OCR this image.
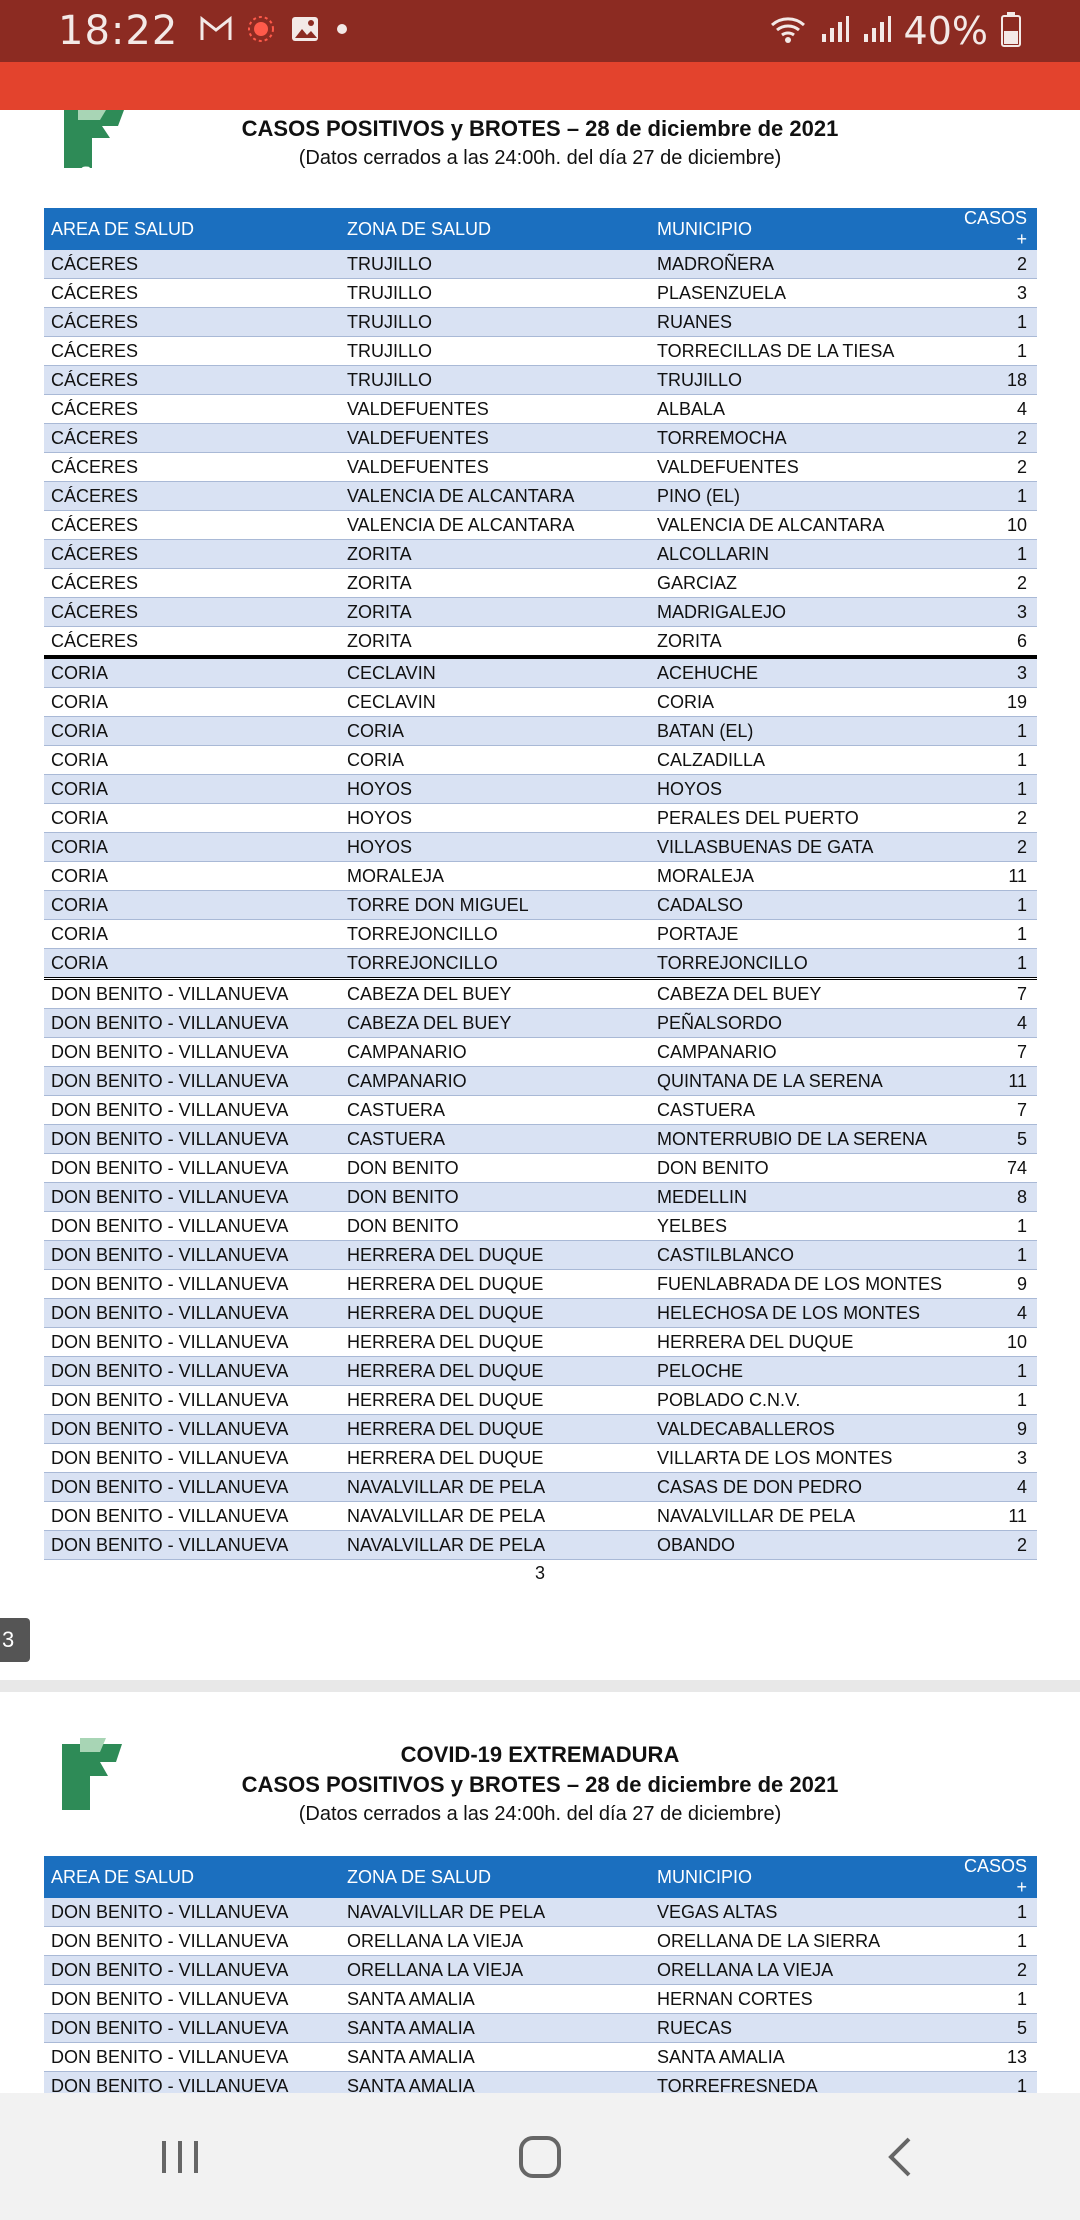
18:22	40%
SES
CASOS POSITIVOS y BROTES – 28 de diciembre de 2021
(Datos cerrados a las 24:00h. del día 27 de diciembre)
AREA DE SALUD	ZONA DE SALUD	MUNICIPIO	CASOS +
CÁCERES	TRUJILLO	MADROÑERA	2
CÁCERES	TRUJILLO	PLASENZUELA	3
CÁCERES	TRUJILLO	RUANES	1
CÁCERES	TRUJILLO	TORRECILLAS DE LA TIESA	1
CÁCERES	TRUJILLO	TRUJILLO	18
CÁCERES	VALDEFUENTES	ALBALA	4
CÁCERES	VALDEFUENTES	TORREMOCHA	2
CÁCERES	VALDEFUENTES	VALDEFUENTES	2
CÁCERES	VALENCIA DE ALCANTARA	PINO (EL)	1
CÁCERES	VALENCIA DE ALCANTARA	VALENCIA DE ALCANTARA	10
CÁCERES	ZORITA	ALCOLLARIN	1
CÁCERES	ZORITA	GARCIAZ	2
CÁCERES	ZORITA	MADRIGALEJO	3
CÁCERES	ZORITA	ZORITA	6
CORIA	CECLAVIN	ACEHUCHE	3
CORIA	CECLAVIN	CORIA	19
CORIA	CORIA	BATAN (EL)	1
CORIA	CORIA	CALZADILLA	1
CORIA	HOYOS	HOYOS	1
CORIA	HOYOS	PERALES DEL PUERTO	2
CORIA	HOYOS	VILLASBUENAS DE GATA	2
CORIA	MORALEJA	MORALEJA	11
CORIA	TORRE DON MIGUEL	CADALSO	1
CORIA	TORREJONCILLO	PORTAJE	1
CORIA	TORREJONCILLO	TORREJONCILLO	1
DON BENITO - VILLANUEVA	CABEZA DEL BUEY	CABEZA DEL BUEY	7
DON BENITO - VILLANUEVA	CABEZA DEL BUEY	PEÑALSORDO	4
DON BENITO - VILLANUEVA	CAMPANARIO	CAMPANARIO	7
DON BENITO - VILLANUEVA	CAMPANARIO	QUINTANA DE LA SERENA	11
DON BENITO - VILLANUEVA	CASTUERA	CASTUERA	7
DON BENITO - VILLANUEVA	CASTUERA	MONTERRUBIO DE LA SERENA	5
DON BENITO - VILLANUEVA	DON BENITO	DON BENITO	74
DON BENITO - VILLANUEVA	DON BENITO	MEDELLIN	8
DON BENITO - VILLANUEVA	DON BENITO	YELBES	1
DON BENITO - VILLANUEVA	HERRERA DEL DUQUE	CASTILBLANCO	1
DON BENITO - VILLANUEVA	HERRERA DEL DUQUE	FUENLABRADA DE LOS MONTES	9
DON BENITO - VILLANUEVA	HERRERA DEL DUQUE	HELECHOSA DE LOS MONTES	4
DON BENITO - VILLANUEVA	HERRERA DEL DUQUE	HERRERA DEL DUQUE	10
DON BENITO - VILLANUEVA	HERRERA DEL DUQUE	PELOCHE	1
DON BENITO - VILLANUEVA	HERRERA DEL DUQUE	POBLADO C.N.V.	1
DON BENITO - VILLANUEVA	HERRERA DEL DUQUE	VALDECABALLEROS	9
DON BENITO - VILLANUEVA	HERRERA DEL DUQUE	VILLARTA DE LOS MONTES	3
DON BENITO - VILLANUEVA	NAVALVILLAR DE PELA	CASAS DE DON PEDRO	4
DON BENITO - VILLANUEVA	NAVALVILLAR DE PELA	NAVALVILLAR DE PELA	11
DON BENITO - VILLANUEVA	NAVALVILLAR DE PELA	OBANDO	2
3
3
SES
COVID-19 EXTREMADURA
CASOS POSITIVOS y BROTES – 28 de diciembre de 2021
(Datos cerrados a las 24:00h. del día 27 de diciembre)
AREA DE SALUD	ZONA DE SALUD	MUNICIPIO	CASOS +
DON BENITO - VILLANUEVA	NAVALVILLAR DE PELA	VEGAS ALTAS	1
DON BENITO - VILLANUEVA	ORELLANA LA VIEJA	ORELLANA DE LA SIERRA	1
DON BENITO - VILLANUEVA	ORELLANA LA VIEJA	ORELLANA LA VIEJA	2
DON BENITO - VILLANUEVA	SANTA AMALIA	HERNAN CORTES	1
DON BENITO - VILLANUEVA	SANTA AMALIA	RUECAS	5
DON BENITO - VILLANUEVA	SANTA AMALIA	SANTA AMALIA	13
DON BENITO - VILLANUEVA	SANTA AMALIA	TORREFRESNEDA	1
